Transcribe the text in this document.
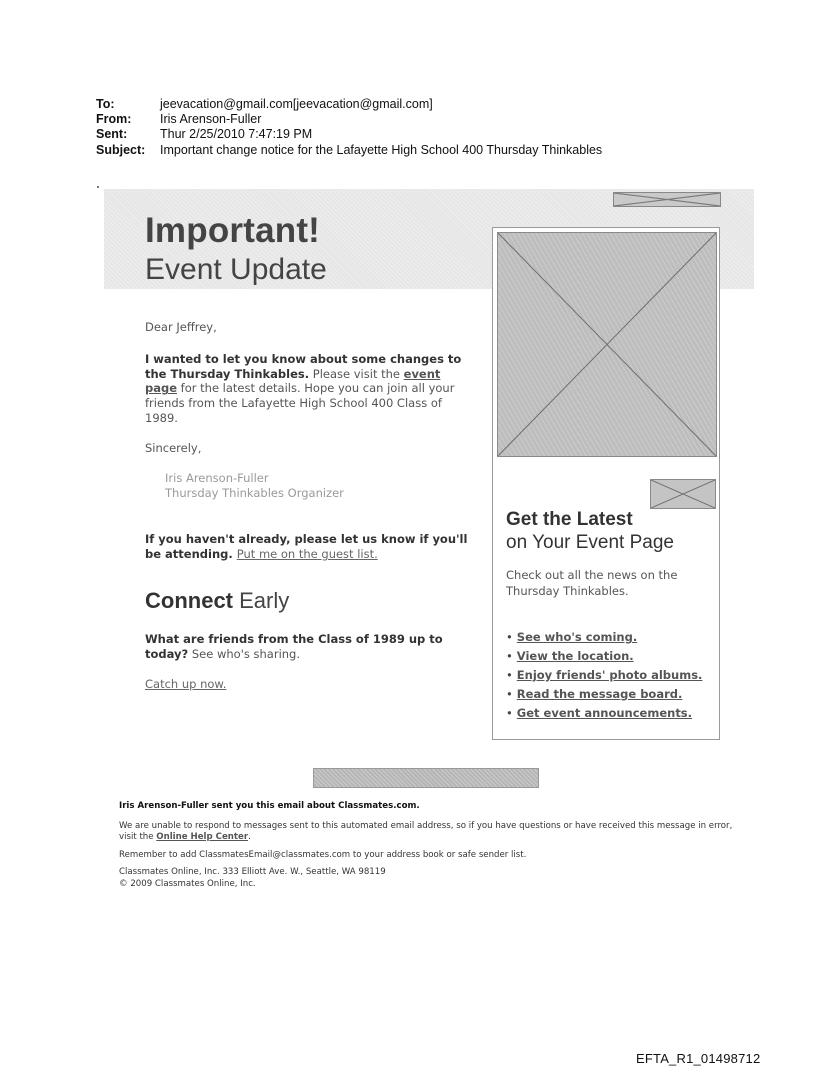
To:	jeevacation@gmail.com[jeevacation@gmail.com]
From:	Iris Arenson-Fuller
Sent:	Thur 2/25/2010 7:47:19 PM
Subject:	Important change notice for the Lafayette High School 400 Thursday Thinkables
Important!
Event Update
Get the Latest
on Your Event Page
Check out all the news on the Thursday Thinkables.
• See who's coming.
• View the location.
• Enjoy friends' photo albums.
• Read the message board.
• Get event announcements.
Dear Jeffrey,
I wanted to let you know about some changes to the Thursday Thinkables. Please visit the event page for the latest details. Hope you can join all your friends from the Lafayette High School 400 Class of 1989.
Sincerely,
Iris Arenson-Fuller
Thursday Thinkables Organizer
If you haven't already, please let us know if you'll be attending. Put me on the guest list.
Connect Early
What are friends from the Class of 1989 up to today? See who's sharing.
Catch up now.

Iris Arenson-Fuller sent you this email about Classmates.com.

We are unable to respond to messages sent to this automated email address, so if you have questions or have received this message in error, visit the Online Help Center.

Remember to add ClassmatesEmail@classmates.com to your address book or safe sender list.

Classmates Online, Inc. 333 Elliott Ave. W., Seattle, WA 98119

© 2009 Classmates Online, Inc.

EFTA_R1_01498712
